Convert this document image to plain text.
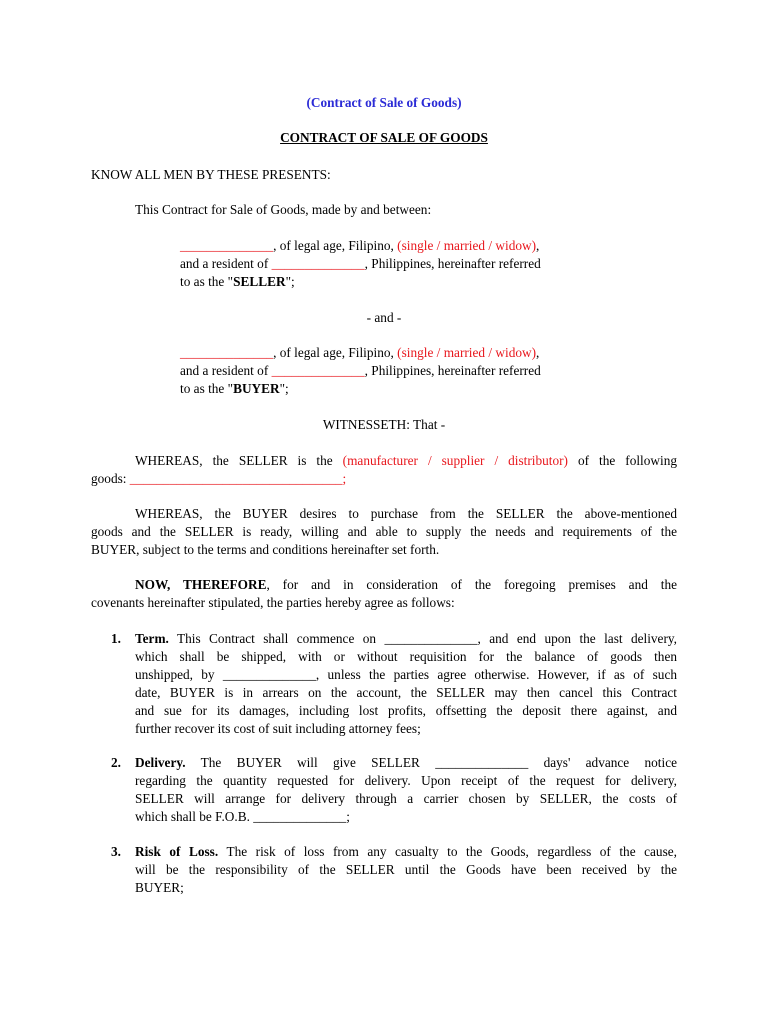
(Contract of Sale of Goods)
CONTRACT OF SALE OF GOODS
KNOW ALL MEN BY THESE PRESENTS:
This Contract for Sale of Goods, made by and between:
______________, of legal age, Filipino, (single / married / widow),
and a resident of ______________, Philippines, hereinafter referred
to as the "SELLER";
- and -
______________, of legal age, Filipino, (single / married / widow),
and a resident of ______________, Philippines, hereinafter referred
to as the "BUYER";
WITNESSETH: That -
WHEREAS, the SELLER is the (manufacturer / supplier / distributor) of the following
goods: ________________________________;
WHEREAS, the BUYER desires to purchase from the SELLER the above-mentioned
goods and the SELLER is ready, willing and able to supply the needs and requirements of the
BUYER, subject to the terms and conditions hereinafter set forth.
NOW, THEREFORE, for and in consideration of the foregoing premises and the
covenants hereinafter stipulated, the parties hereby agree as follows:
1. Term. This Contract shall commence on ______________, and end upon the last delivery,
which shall be shipped, with or without requisition for the balance of goods then
unshipped, by ______________, unless the parties agree otherwise. However, if as of such
date, BUYER is in arrears on the account, the SELLER may then cancel this Contract
and sue for its damages, including lost profits, offsetting the deposit there against, and
further recover its cost of suit including attorney fees;
2. Delivery. The BUYER will give SELLER ______________ days' advance notice
regarding the quantity requested for delivery. Upon receipt of the request for delivery,
SELLER will arrange for delivery through a carrier chosen by SELLER, the costs of
which shall be F.O.B. ______________;
3. Risk of Loss. The risk of loss from any casualty to the Goods, regardless of the cause,
will be the responsibility of the SELLER until the Goods have been received by the
BUYER;
